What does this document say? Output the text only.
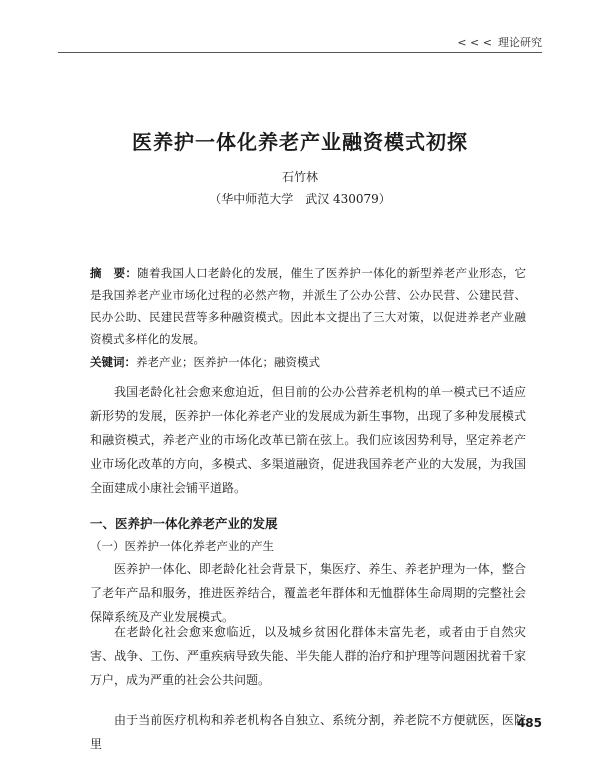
< < < 理论研究
医养护一体化养老产业融资模式初探
石竹林
（华中师范大学　武汉 430079）
摘　要：随着我国人口老龄化的发展，催生了医养护一体化的新型养老产业形态，它是我国养老产业市场化过程的必然产物，并派生了公办公营、公办民营、公建民营、民办公助、民建民营等多种融资模式。因此本文提出了三大对策，以促进养老产业融资模式多样化的发展。
关键词：养老产业；医养护一体化；融资模式
我国老龄化社会愈来愈迫近，但目前的公办公营养老机构的单一模式已不适应新形势的发展，医养护一体化养老产业的发展成为新生事物，出现了多种发展模式和融资模式，养老产业的市场化改革已箭在弦上。我们应该因势利导，坚定养老产业市场化改革的方向，多模式、多渠道融资，促进我国养老产业的大发展，为我国全面建成小康社会铺平道路。
一、医养护一体化养老产业的发展
（一）医养护一体化养老产业的产生
医养护一体化、即老龄化社会背景下，集医疗、养生、养老护理为一体，整合了老年产品和服务，推进医养结合，覆盖老年群体和无恤群体生命周期的完整社会保障系统及产业发展模式。
在老龄化社会愈来愈临近，以及城乡贫困化群体未富先老，或者由于自然灾害、战争、工伤、严重疾病导致失能、半失能人群的治疗和护理等问题困扰着千家万户，成为严重的社会公共问题。
由于当前医疗机构和养老机构各自独立、系统分割，养老院不方便就医，医院里
485
